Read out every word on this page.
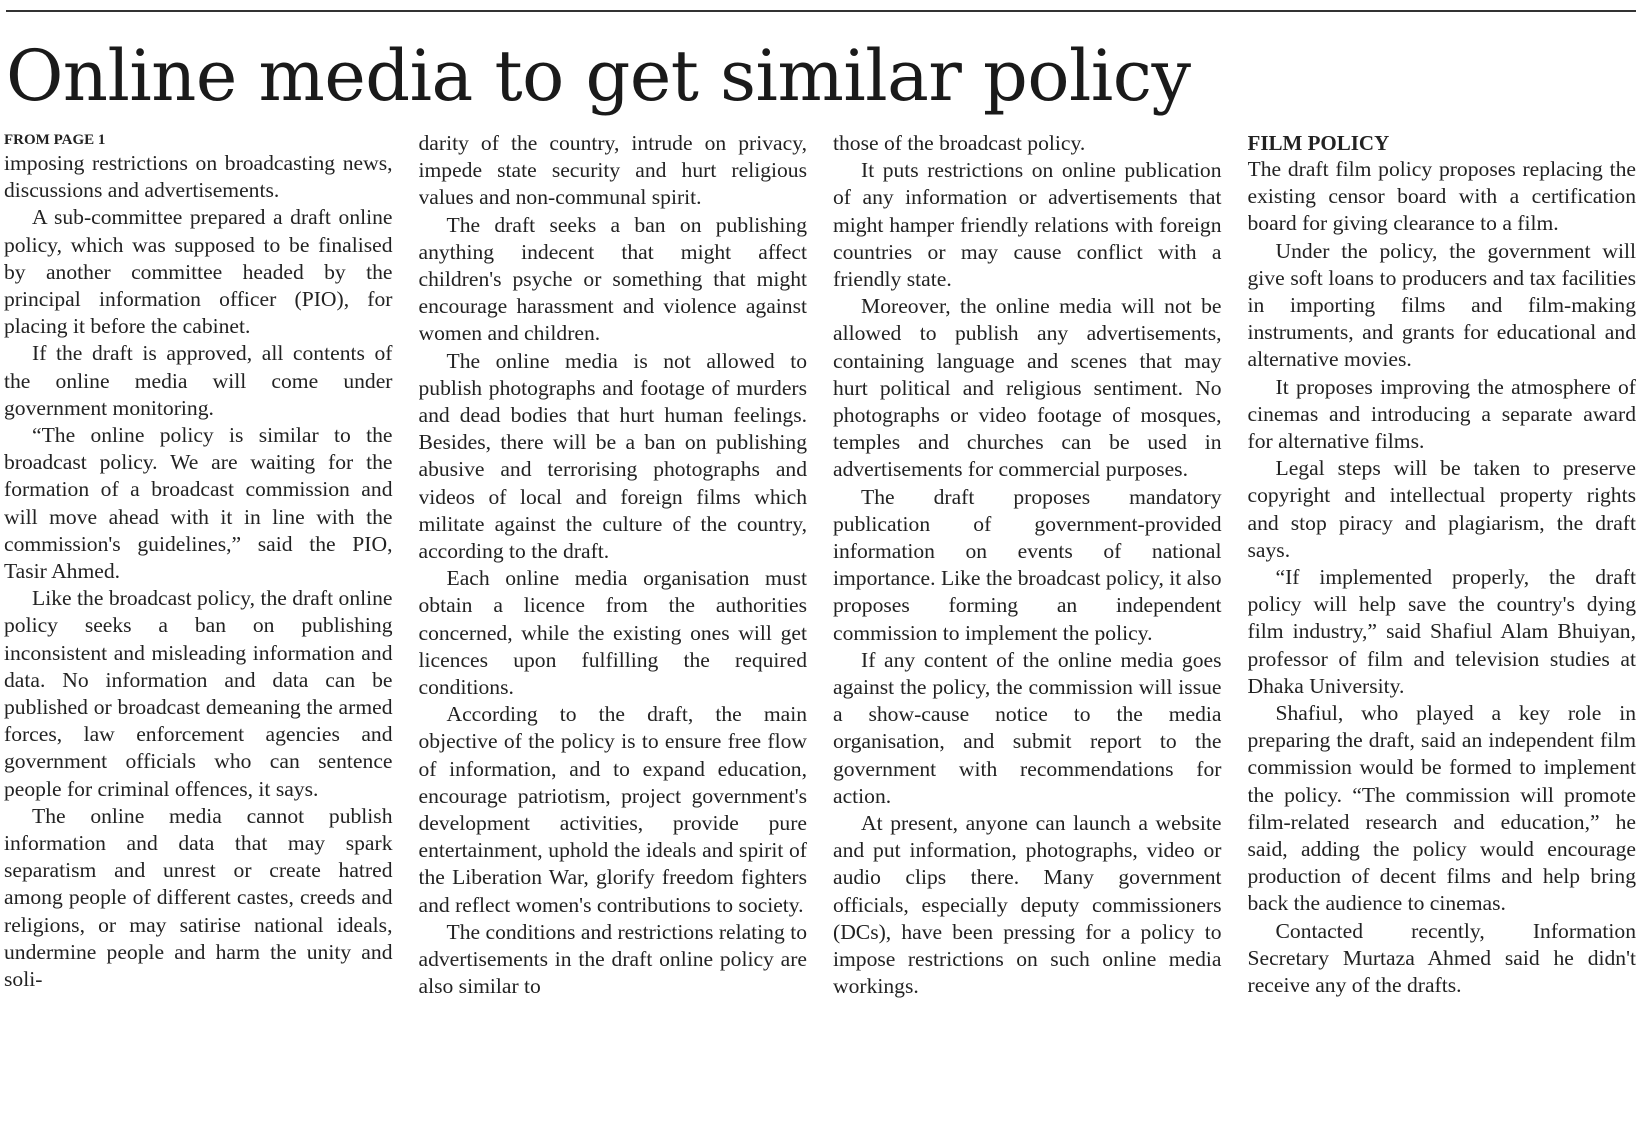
Online media to get similar policy
FROM PAGE 1

imposing restrictions on broadcasting news, discussions and advertisements.

A sub-committee prepared a draft online policy, which was supposed to be finalised by another committee headed by the principal information officer (PIO), for placing it before the cabinet.

If the draft is approved, all contents of the online media will come under government monitoring.

“The online policy is similar to the broadcast policy. We are waiting for the formation of a broadcast commission and will move ahead with it in line with the commission's guidelines,” said the PIO, Tasir Ahmed.

Like the broadcast policy, the draft online policy seeks a ban on publishing inconsistent and misleading information and data. No information and data can be published or broadcast demeaning the armed forces, law enforcement agencies and government officials who can sentence people for criminal offences, it says.

The online media cannot publish information and data that may spark separatism and unrest or create hatred among people of different castes, creeds and religions, or may satirise national ideals, undermine people and harm the unity and soli-

darity of the country, intrude on privacy, impede state security and hurt religious values and non-communal spirit.

The draft seeks a ban on publishing anything indecent that might affect children's psyche or something that might encourage harassment and violence against women and children.

The online media is not allowed to publish photographs and footage of murders and dead bodies that hurt human feelings. Besides, there will be a ban on publishing abusive and terrorising photographs and videos of local and foreign films which militate against the culture of the country, according to the draft.

Each online media organisation must obtain a licence from the authorities concerned, while the existing ones will get licences upon fulfilling the required conditions.

According to the draft, the main objective of the policy is to ensure free flow of information, and to expand education, encourage patriotism, project government's development activities, provide pure entertainment, uphold the ideals and spirit of the Liberation War, glorify freedom fighters and reflect women's contributions to society.

The conditions and restrictions relating to advertisements in the draft online policy are also similar to

those of the broadcast policy.

It puts restrictions on online publication of any information or advertisements that might hamper friendly relations with foreign countries or may cause conflict with a friendly state.

Moreover, the online media will not be allowed to publish any advertisements, containing language and scenes that may hurt political and religious sentiment. No photographs or video footage of mosques, temples and churches can be used in advertisements for commercial purposes.

The draft proposes mandatory publication of government-provided information on events of national importance. Like the broadcast policy, it also proposes forming an independent commission to implement the policy.

If any content of the online media goes against the policy, the commission will issue a show-cause notice to the media organisation, and submit report to the government with recommendations for action.

At present, anyone can launch a website and put information, photographs, video or audio clips there. Many government officials, especially deputy commissioners (DCs), have been pressing for a policy to impose restrictions on such online media workings.

FILM POLICY

The draft film policy proposes replacing the existing censor board with a certification board for giving clearance to a film.

Under the policy, the government will give soft loans to producers and tax facilities in importing films and film-making instruments, and grants for educational and alternative movies.

It proposes improving the atmosphere of cinemas and introducing a separate award for alternative films.

Legal steps will be taken to preserve copyright and intellectual property rights and stop piracy and plagiarism, the draft says.

“If implemented properly, the draft policy will help save the country's dying film industry,” said Shafiul Alam Bhuiyan, professor of film and television studies at Dhaka University.

Shafiul, who played a key role in preparing the draft, said an independent film commission would be formed to implement the policy. “The commission will promote film-related research and education,” he said, adding the policy would encourage production of decent films and help bring back the audience to cinemas.

Contacted recently, Information Secretary Murtaza Ahmed said he didn't receive any of the drafts.
